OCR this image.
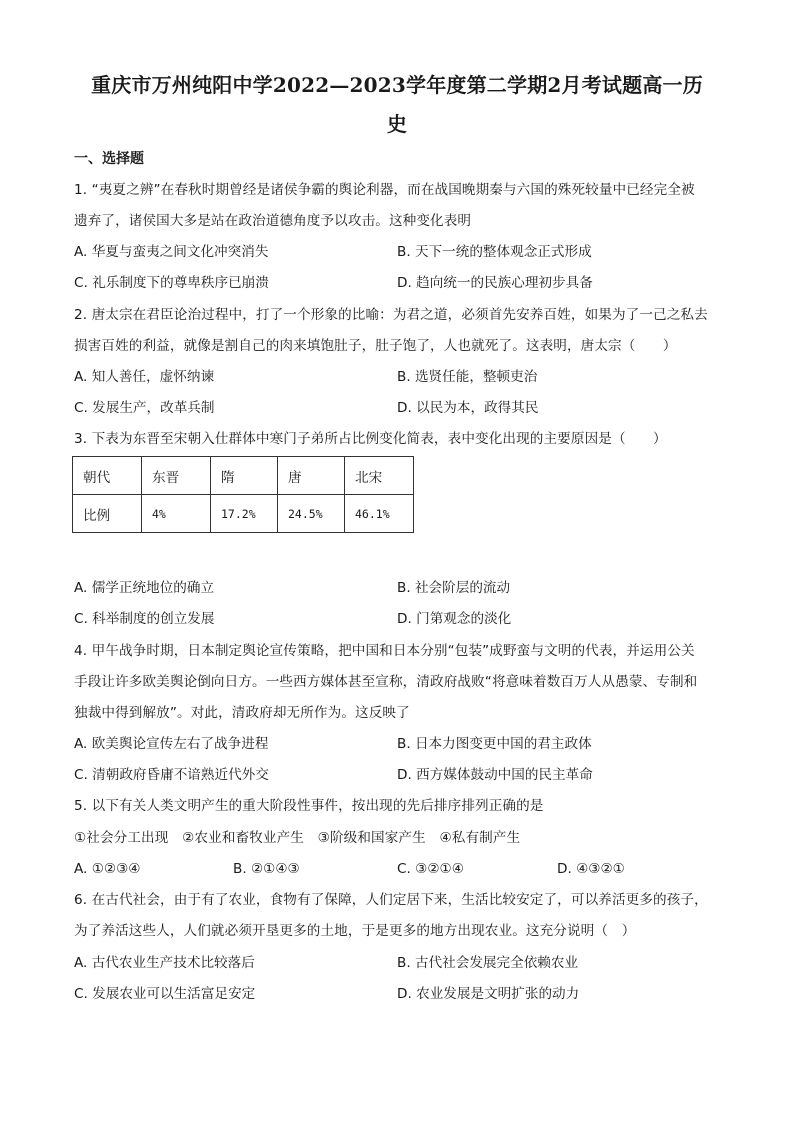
重庆市万州纯阳中学2022—2023学年度第二学期2月考试题高一历
史
一、选择题
1. “夷夏之辨”在春秋时期曾经是诸侯争霸的舆论利器，而在战国晚期秦与六国的殊死较量中已经完全被
遗弃了，诸侯国大多是站在政治道德角度予以攻击。这种变化表明
A. 华夏与蛮夷之间文化冲突消失	B. 天下一统的整体观念正式形成
C. 礼乐制度下的尊卑秩序已崩溃	D. 趋向统一的民族心理初步具备
2. 唐太宗在君臣论治过程中，打了一个形象的比喻：为君之道，必须首先安养百姓，如果为了一己之私去
损害百姓的利益，就像是割自己的肉来填饱肚子，肚子饱了，人也就死了。这表明，唐太宗（　　）
A. 知人善任，虚怀纳谏	B. 选贤任能，整顿吏治
C. 发展生产，改革兵制	D. 以民为本，政得其民
3. 下表为东晋至宋朝入仕群体中寒门子弟所占比例变化简表，表中变化出现的主要原因是（　　）
朝代	东晋	隋	唐	北宋
比例	4%	17.2%	24.5%	46.1%
A. 儒学正统地位的确立	B. 社会阶层的流动
C. 科举制度的创立发展	D. 门第观念的淡化
4. 甲午战争时期，日本制定舆论宣传策略，把中国和日本分别“包装”成野蛮与文明的代表，并运用公关
手段让许多欧美舆论倒向日方。一些西方媒体甚至宣称，清政府战败“将意味着数百万人从愚蒙、专制和
独裁中得到解放”。对此，清政府却无所作为。这反映了
A. 欧美舆论宣传左右了战争进程	B. 日本力图变更中国的君主政体
C. 清朝政府昏庸不谙熟近代外交	D. 西方媒体鼓动中国的民主革命
5. 以下有关人类文明产生的重大阶段性事件，按出现的先后排序排列正确的是
①社会分工出现　②农业和畜牧业产生　③阶级和国家产生　④私有制产生
A. ①②③④	B. ②①④③	C. ③②①④	D. ④③②①
6. 在古代社会，由于有了农业，食物有了保障，人们定居下来，生活比较安定了，可以养活更多的孩子，
为了养活这些人，人们就必须开垦更多的土地，于是更多的地方出现农业。这充分说明（　）
A. 古代农业生产技术比较落后	B. 古代社会发展完全依赖农业
C. 发展农业可以生活富足安定	D. 农业发展是文明扩张的动力
